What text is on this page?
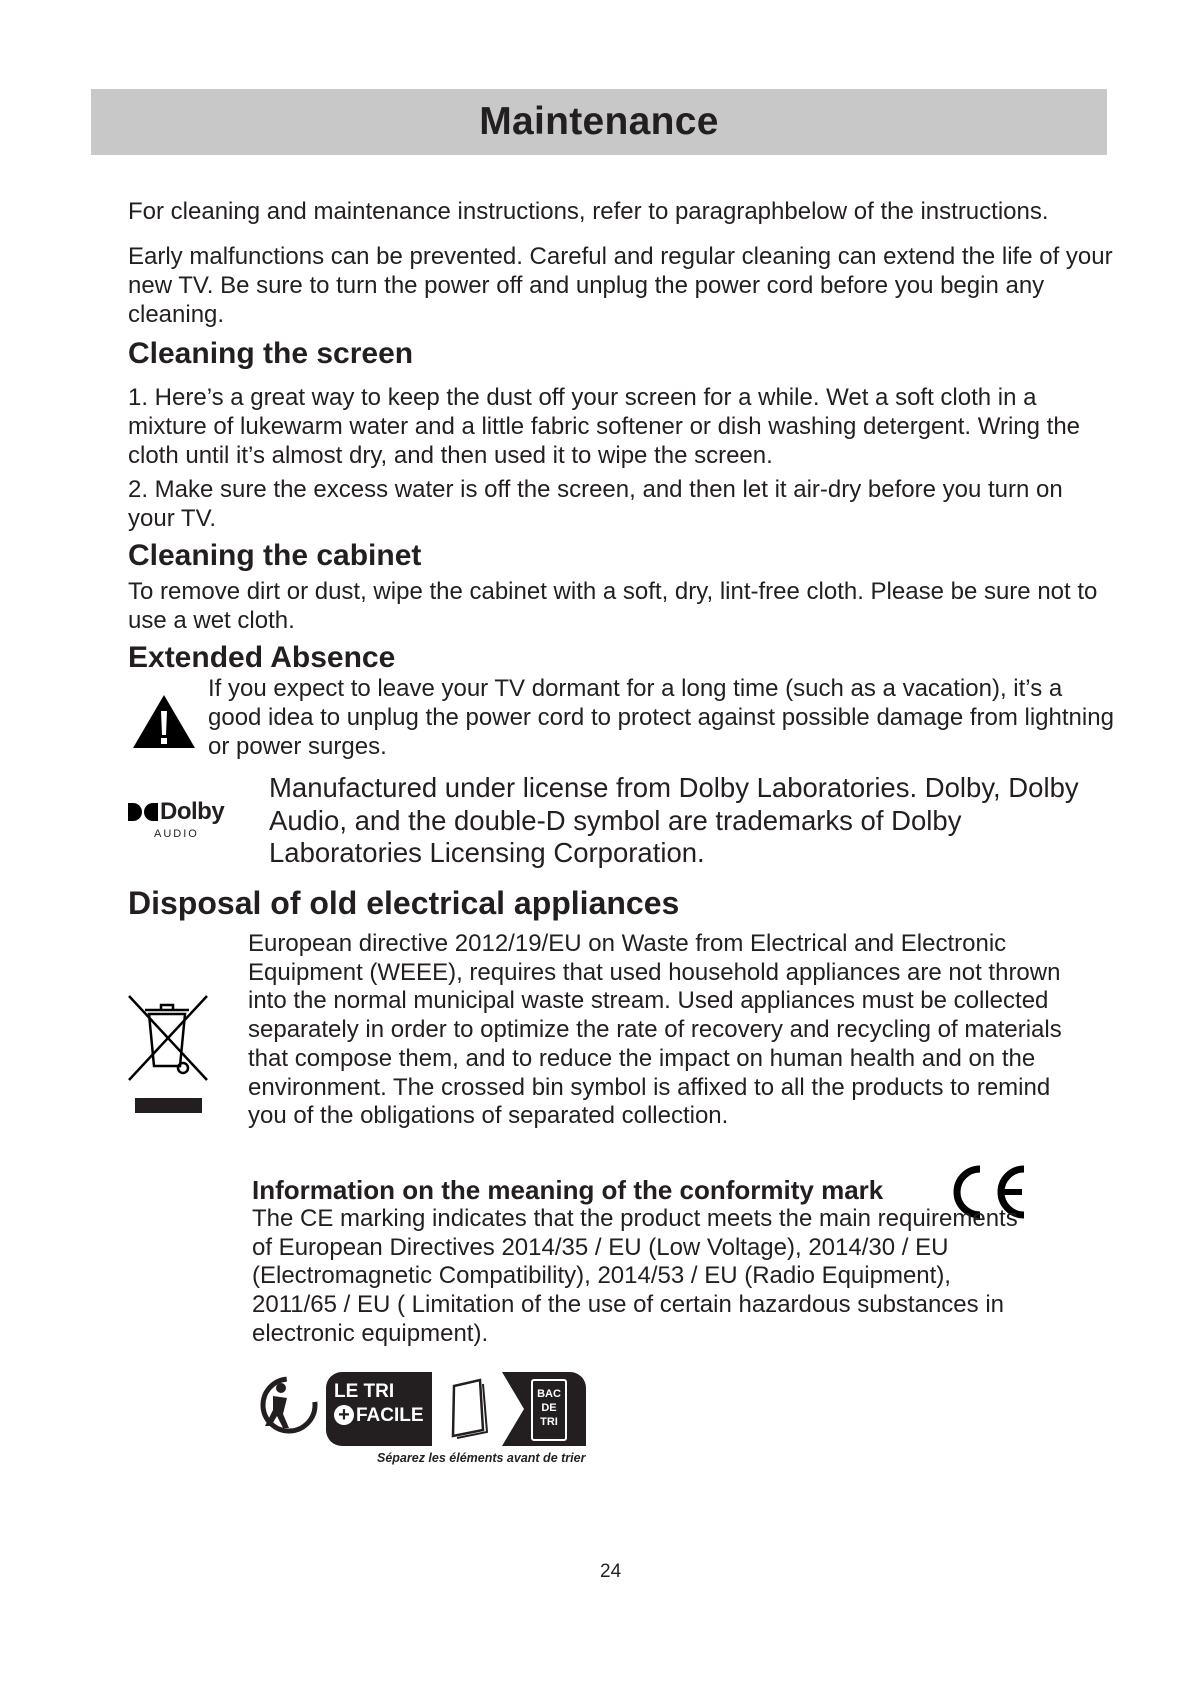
Maintenance

For cleaning and maintenance instructions, refer to paragraphbelow of the instructions.

Early malfunctions can be prevented. Careful and regular cleaning can extend the life of your new TV. Be sure to turn the power off and unplug the power cord before you begin any cleaning.

Cleaning the screen

1. Here’s a great way to keep the dust off your screen for a while. Wet a soft cloth in a mixture of lukewarm water and a little fabric softener or dish washing detergent. Wring the cloth until it’s almost dry, and then used it to wipe the screen.

2. Make sure the excess water is off the screen, and then let it air-dry before you turn on your TV.

Cleaning the cabinet

To remove dirt or dust, wipe the cabinet with a soft, dry, lint-free cloth. Please be sure not to use a wet cloth.

Extended Absence

If you expect to leave your TV dormant for a long time (such as a vacation), it’s a good idea to unplug the power cord to protect against possible damage from lightning or power surges.

Dolby
AUDIO

Manufactured under license from Dolby Laboratories. Dolby, Dolby Audio, and the double-D symbol are trademarks of Dolby Laboratories Licensing Corporation.

Disposal of old electrical appliances

European directive 2012/19/EU on Waste from Electrical and Electronic Equipment (WEEE), requires that used household appliances are not thrown into the normal municipal waste stream. Used appliances must be collected separately in order to optimize the rate of recovery and recycling of materials that compose them, and to reduce the impact on human health and on the environment. The crossed bin symbol is affixed to all the products to remind you of the obligations of separated collection.

Information on the meaning of the conformity mark

The CE marking indicates that the product meets the main requirements of European Directives 2014/35 / EU (Low Voltage), 2014/30 / EU (Electromagnetic Compatibility), 2014/53 / EU (Radio Equipment), 2011/65 / EU ( Limitation of the use of certain hazardous substances in electronic equipment).

LE TRI
+ FACILE
BAC
DE
TRI
Séparez les éléments avant de trier
24
